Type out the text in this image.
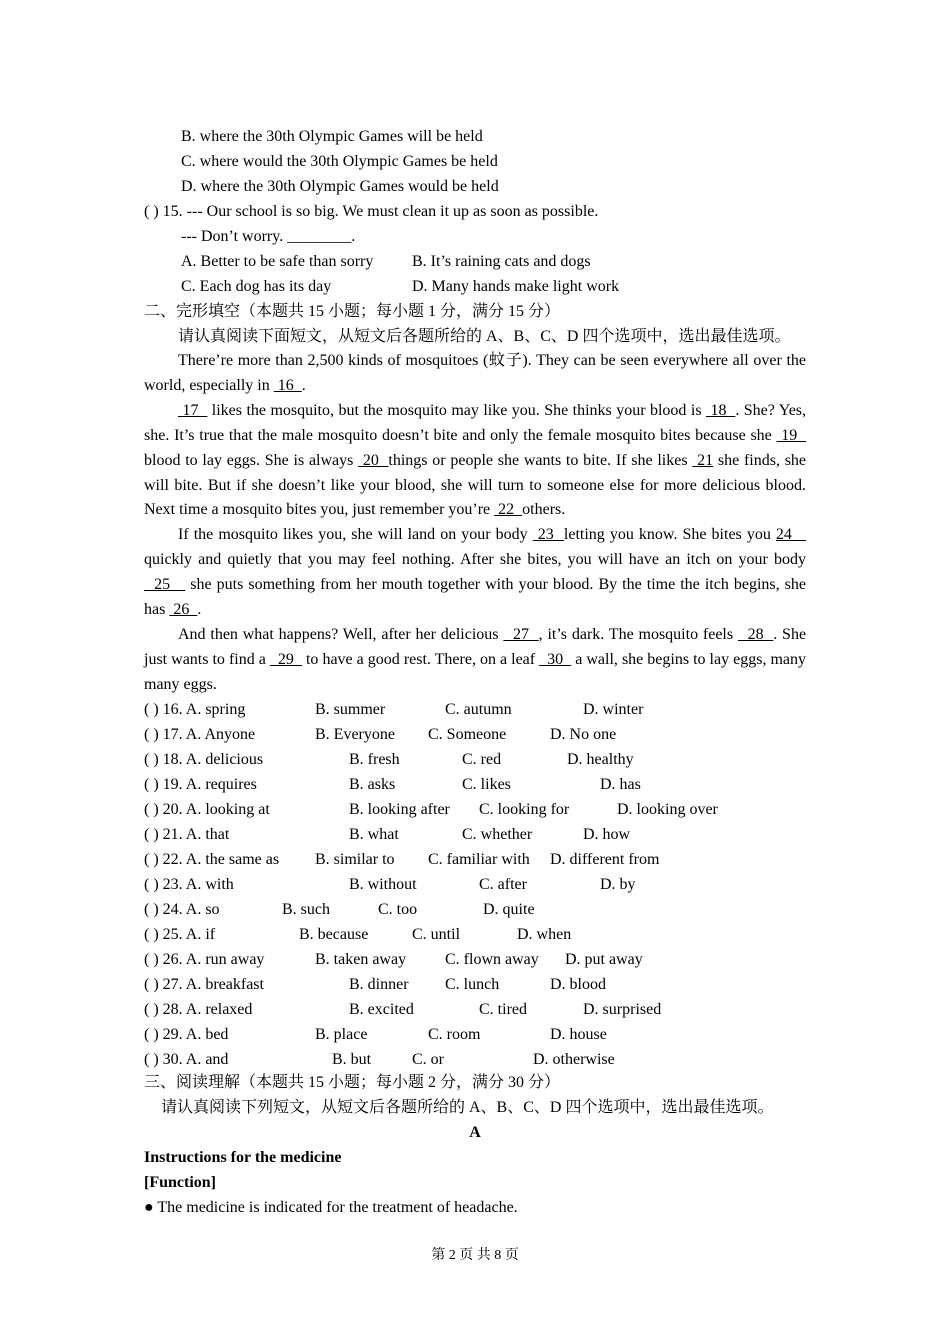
B. where the 30th Olympic Games will be held
C. where would the 30th Olympic Games be held
D. where the 30th Olympic Games would be held
( ) 15. --- Our school is so big. We must clean it up as soon as possible.
--- Don’t worry. ________.
A. Better to be safe than sorry B. It’s raining cats and dogs
C. Each dog has its day	D. Many hands make light work
二、完形填空（本题共 15 小题；每小题 1 分，满分 15 分）
请认真阅读下面短文，从短文后各题所给的 A、B、C、D 四个选项中，选出最佳选项。

There’re more than 2,500 kinds of mosquitoes (蚊子). They can be seen everywhere all over the world, especially in  16  .

17   likes the mosquito, but the mosquito may like you. She thinks your blood is  18  . She? Yes, she. It’s true that the male mosquito doesn’t bite and only the female mosquito bites because she  19   blood to lay eggs. She is always  20  things or people she wants to bite. If she likes  21 she finds, she will bite. But if she doesn’t like your blood, she will turn to someone else for more delicious blood. Next time a mosquito bites you, just remember you’re  22  others.

If the mosquito likes you, she will land on your body  23  letting you know. She bites you 24    quickly and quietly that you may feel nothing. After she bites, you will have an itch on your body   25    she puts something from her mouth together with your blood. By the time the itch begins, she has  26  .

And then what happens? Well, after her delicious   27  , it’s dark. The mosquito feels   28  . She just wants to find a   29   to have a good rest. There, on a leaf   30   a wall, she begins to lay eggs, many many eggs.

( ) 16. A. spring	B. summer	C. autumn	D. winter
( ) 17. A. Anyone	B. Everyone C. Someone	D. No one
( ) 18. A. delicious	B. fresh	C. red	D. healthy
( ) 19. A. requires	B. asks	C. likes	D. has
( ) 20. A. looking at	B. looking after C. looking for	D. looking over
( ) 21. A. that	B. what	C. whether	D. how
( ) 22. A. the same as B. similar to C. familiar with D. different from
( ) 23. A. with	B. without	C. after	D. by
( ) 24. A. so	B. such	C. too	D. quite
( ) 25. A. if	B. because	C. until	D. when
( ) 26. A. run away	B. taken away C. flown away D. put away
( ) 27. A. breakfast	B. dinner C. lunch	D. blood
( ) 28. A. relaxed	B. excited	C. tired	D. surprised
( ) 29. A. bed	B. place	C. room	D. house
( ) 30. A. and	B. but	C. or	D. otherwise
三、阅读理解（本题共 15 小题；每小题 2 分，满分 30 分）
请认真阅读下列短文，从短文后各题所给的 A、B、C、D 四个选项中，选出最佳选项。
A
Instructions for the medicine
[Function]
● The medicine is indicated for the treatment of headache.
第 2 页 共 8 页
